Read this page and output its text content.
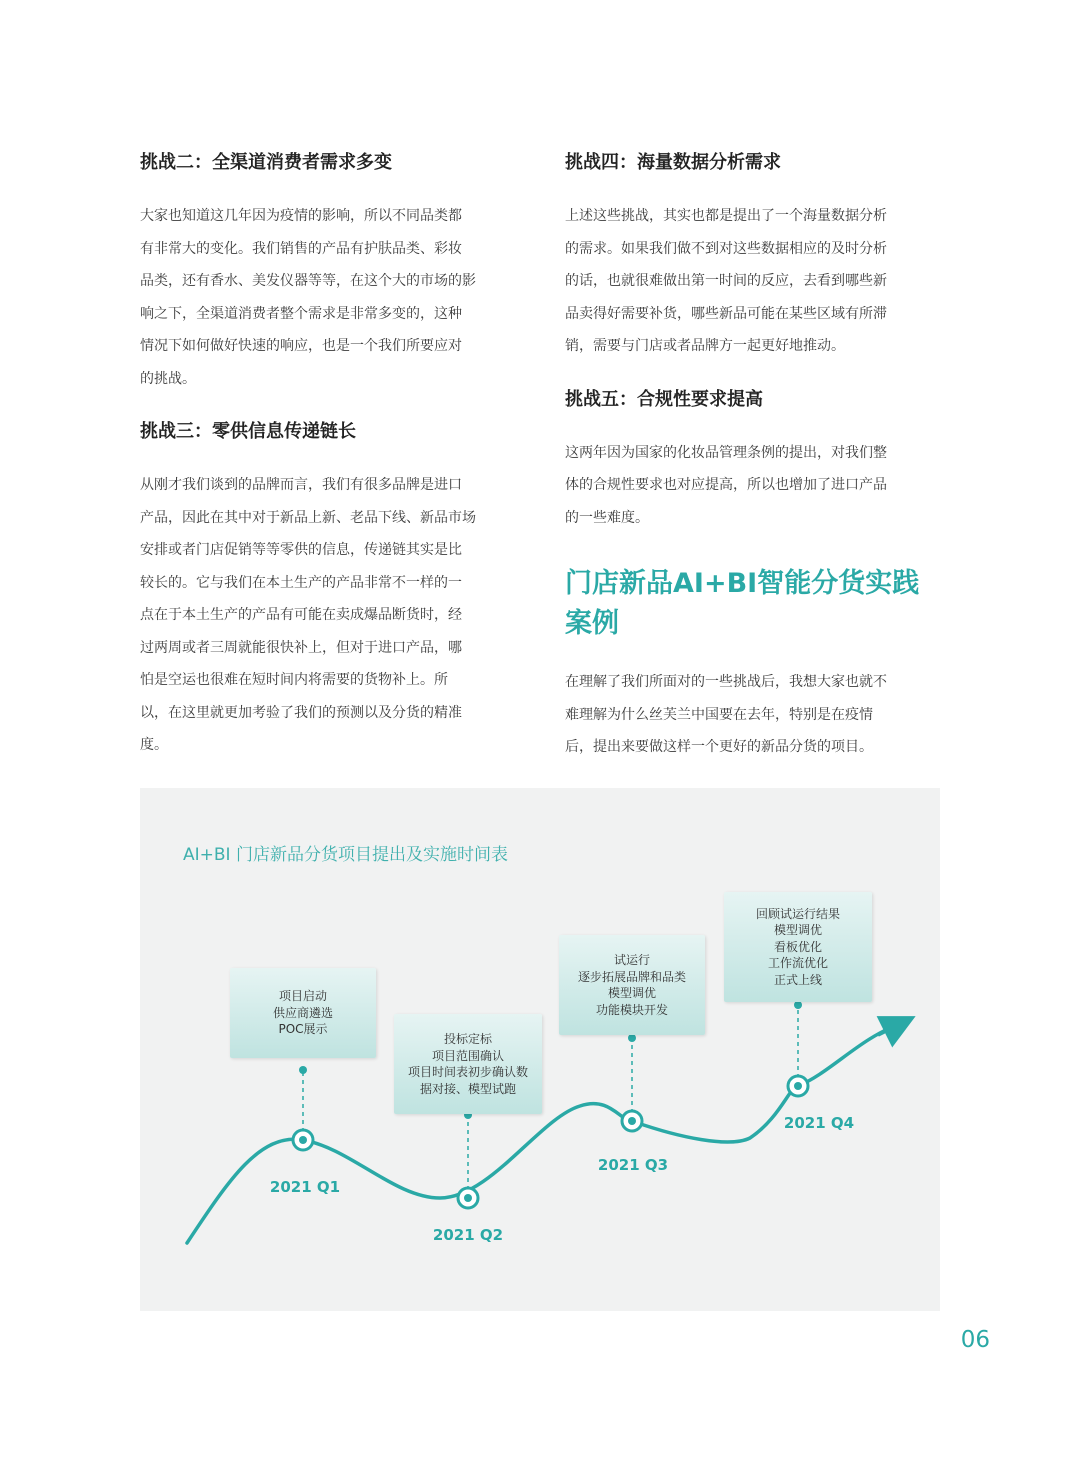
挑战二：全渠道消费者需求多变

大家也知道这几年因为疫情的影响，所以不同品类都
有非常大的变化。我们销售的产品有护肤品类、彩妆
品类，还有香水、美发仪器等等，在这个大的市场的影
响之下，全渠道消费者整个需求是非常多变的，这种
情况下如何做好快速的响应，也是一个我们所要应对
的挑战。

挑战三：零供信息传递链长

从刚才我们谈到的品牌而言，我们有很多品牌是进口
产品，因此在其中对于新品上新、老品下线、新品市场
安排或者门店促销等等零供的信息，传递链其实是比
较长的。它与我们在本土生产的产品非常不一样的一
点在于本土生产的产品有可能在卖成爆品断货时，经
过两周或者三周就能很快补上，但对于进口产品，哪
怕是空运也很难在短时间内将需要的货物补上。所
以，在这里就更加考验了我们的预测以及分货的精准
度。

挑战四：海量数据分析需求

上述这些挑战，其实也都是提出了一个海量数据分析
的需求。如果我们做不到对这些数据相应的及时分析
的话，也就很难做出第一时间的反应，去看到哪些新
品卖得好需要补货，哪些新品可能在某些区域有所滞
销，需要与门店或者品牌方一起更好地推动。

挑战五：合规性要求提高

这两年因为国家的化妆品管理条例的提出，对我们整
体的合规性要求也对应提高，所以也增加了进口产品
的一些难度。

门店新品AI+BI智能分货实践
案例

在理解了我们所面对的一些挑战后，我想大家也就不
难理解为什么丝芙兰中国要在去年，特别是在疫情
后，提出来要做这样一个更好的新品分货的项目。

AI+BI 门店新品分货项目提出及实施时间表

项目启动
供应商遴选
POC展示
投标定标
项目范围确认
项目时间表初步确认数
据对接、模型试跑
试运行
逐步拓展品牌和品类
模型调优
功能模块开发
回顾试运行结果
模型调优
看板优化
工作流优化
正式上线
2021 Q1
2021 Q2
2021 Q3
2021 Q4
06
